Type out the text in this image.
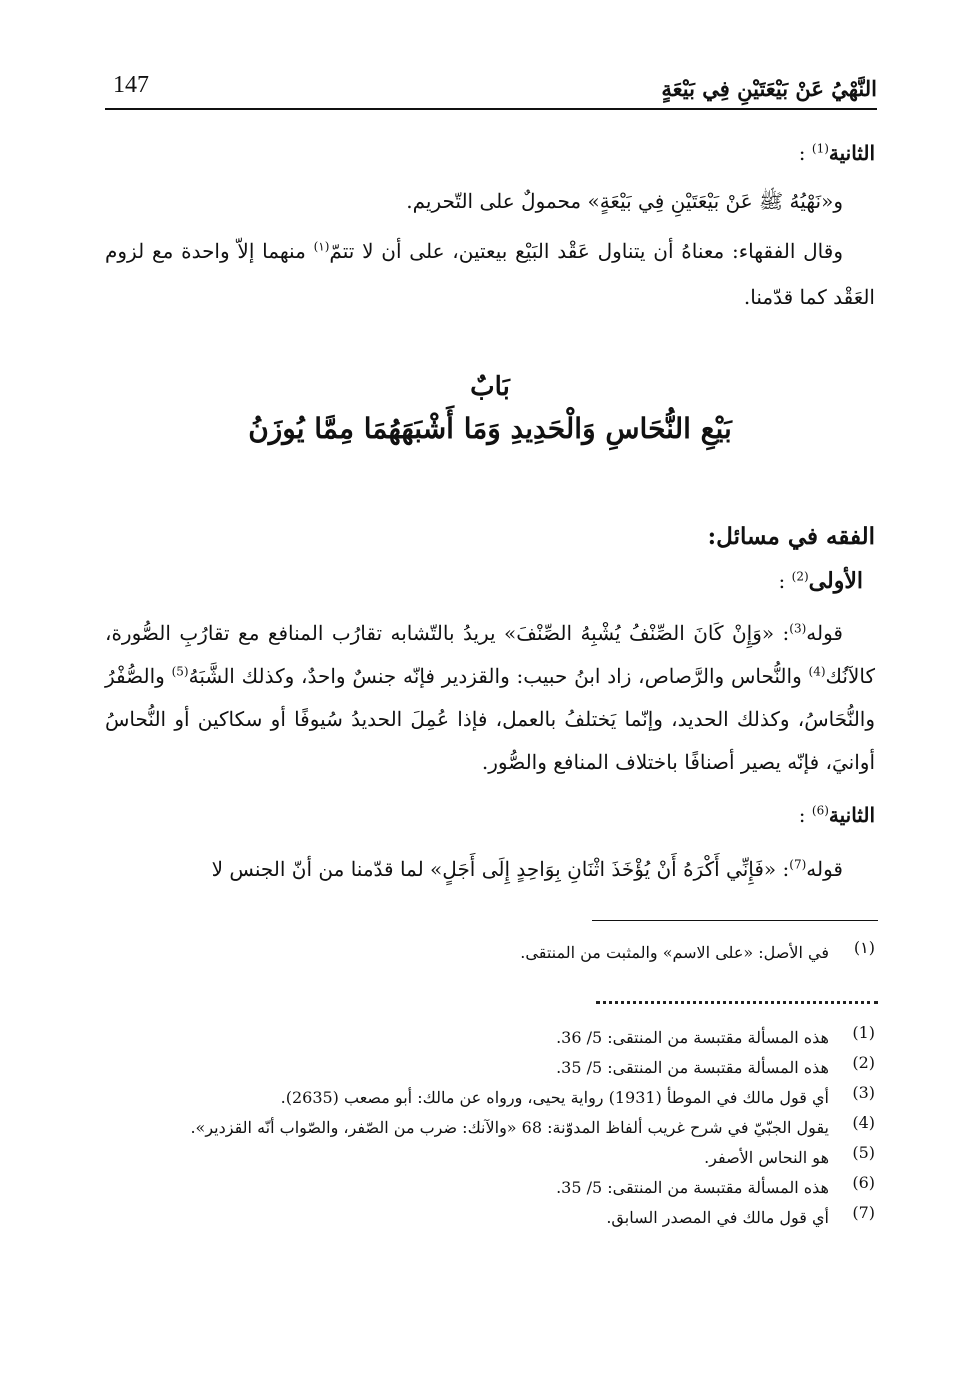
147	النَّهْيُ عَنْ بَيْعَتَيْنِ فِي بَيْعَةٍ
الثانية$^{(1)}$ :
و«نَهْيُهُ ﷺ عَنْ بَيْعَتَيْنِ فِي بَيْعَةٍ» محمولٌ على التّحريم.
وقال الفقهاء: معناهُ أن يتناول عَقْد البَيْع بيعتين، على أن لا تتمّ$^{(١)}$ منهما إلاّ واحدة مع لزوم العَقْد كما قدّمنا.
بَابٌ
بَيْعِ النُّحَاسِ وَالْحَدِيدِ وَمَا أَشْبَهَهُمَا مِمَّا يُوزَنُ
الفقه في مسائل:
الأولى$^{(2)}$ :
قوله$^{(3)}$: «وَإِنْ كَانَ الصِّنْفُ يُشْبِهُ الصِّنْفَ» يريدُ بالتّشابه تقارُب المنافع مع تقارُبِ الصُّورة، كالآنُك$^{(4)}$ والنُّحاس والرَّصاص، زاد ابنُ حبيب: والقزدير فإنّه جنسٌ واحدٌ، وكذلك الشَّبَهُ$^{(5)}$ والصُّفْرُ والنُّحَاسُ، وكذلك الحديد، وإنّما يَختلفُ بالعمل، فإذا عُمِلَ الحديدُ سُيوفًا أو سكاكين أو النُّحاسُ أوانيَ، فإنّه يصير أصنافًا باختلاف المنافع والصُّور.
الثانية$^{(6)}$ :
قوله$^{(7)}$: «فَإِنِّي أَكْرَهُ أَنْ يُؤْخَذَ اثْنَانِ بِوَاحِدٍ إِلَى أَجَلٍ» لما قدّمنا من أنّ الجنس لا
(١)
في الأصل: «على الاسم» والمثبت من المنتقى.
(1)
هذه المسألة مقتبسة من المنتقى: 5/ 36.
(2)
هذه المسألة مقتبسة من المنتقى: 5/ 35.
(3)
أي قول مالك في الموطأ (1931) رواية يحيى، ورواه عن مالك: أبو مصعب (2635).
(4)
يقول الجبّيّ في شرح غريب ألفاظ المدوّنة: 68 «والآنك: ضرب من الصّفر، والصّواب أنّه القزدير».
(5)
هو النحاس الأصفر.
(6)
هذه المسألة مقتبسة من المنتقى: 5/ 35.
(7)
أي قول مالك في المصدر السابق.
